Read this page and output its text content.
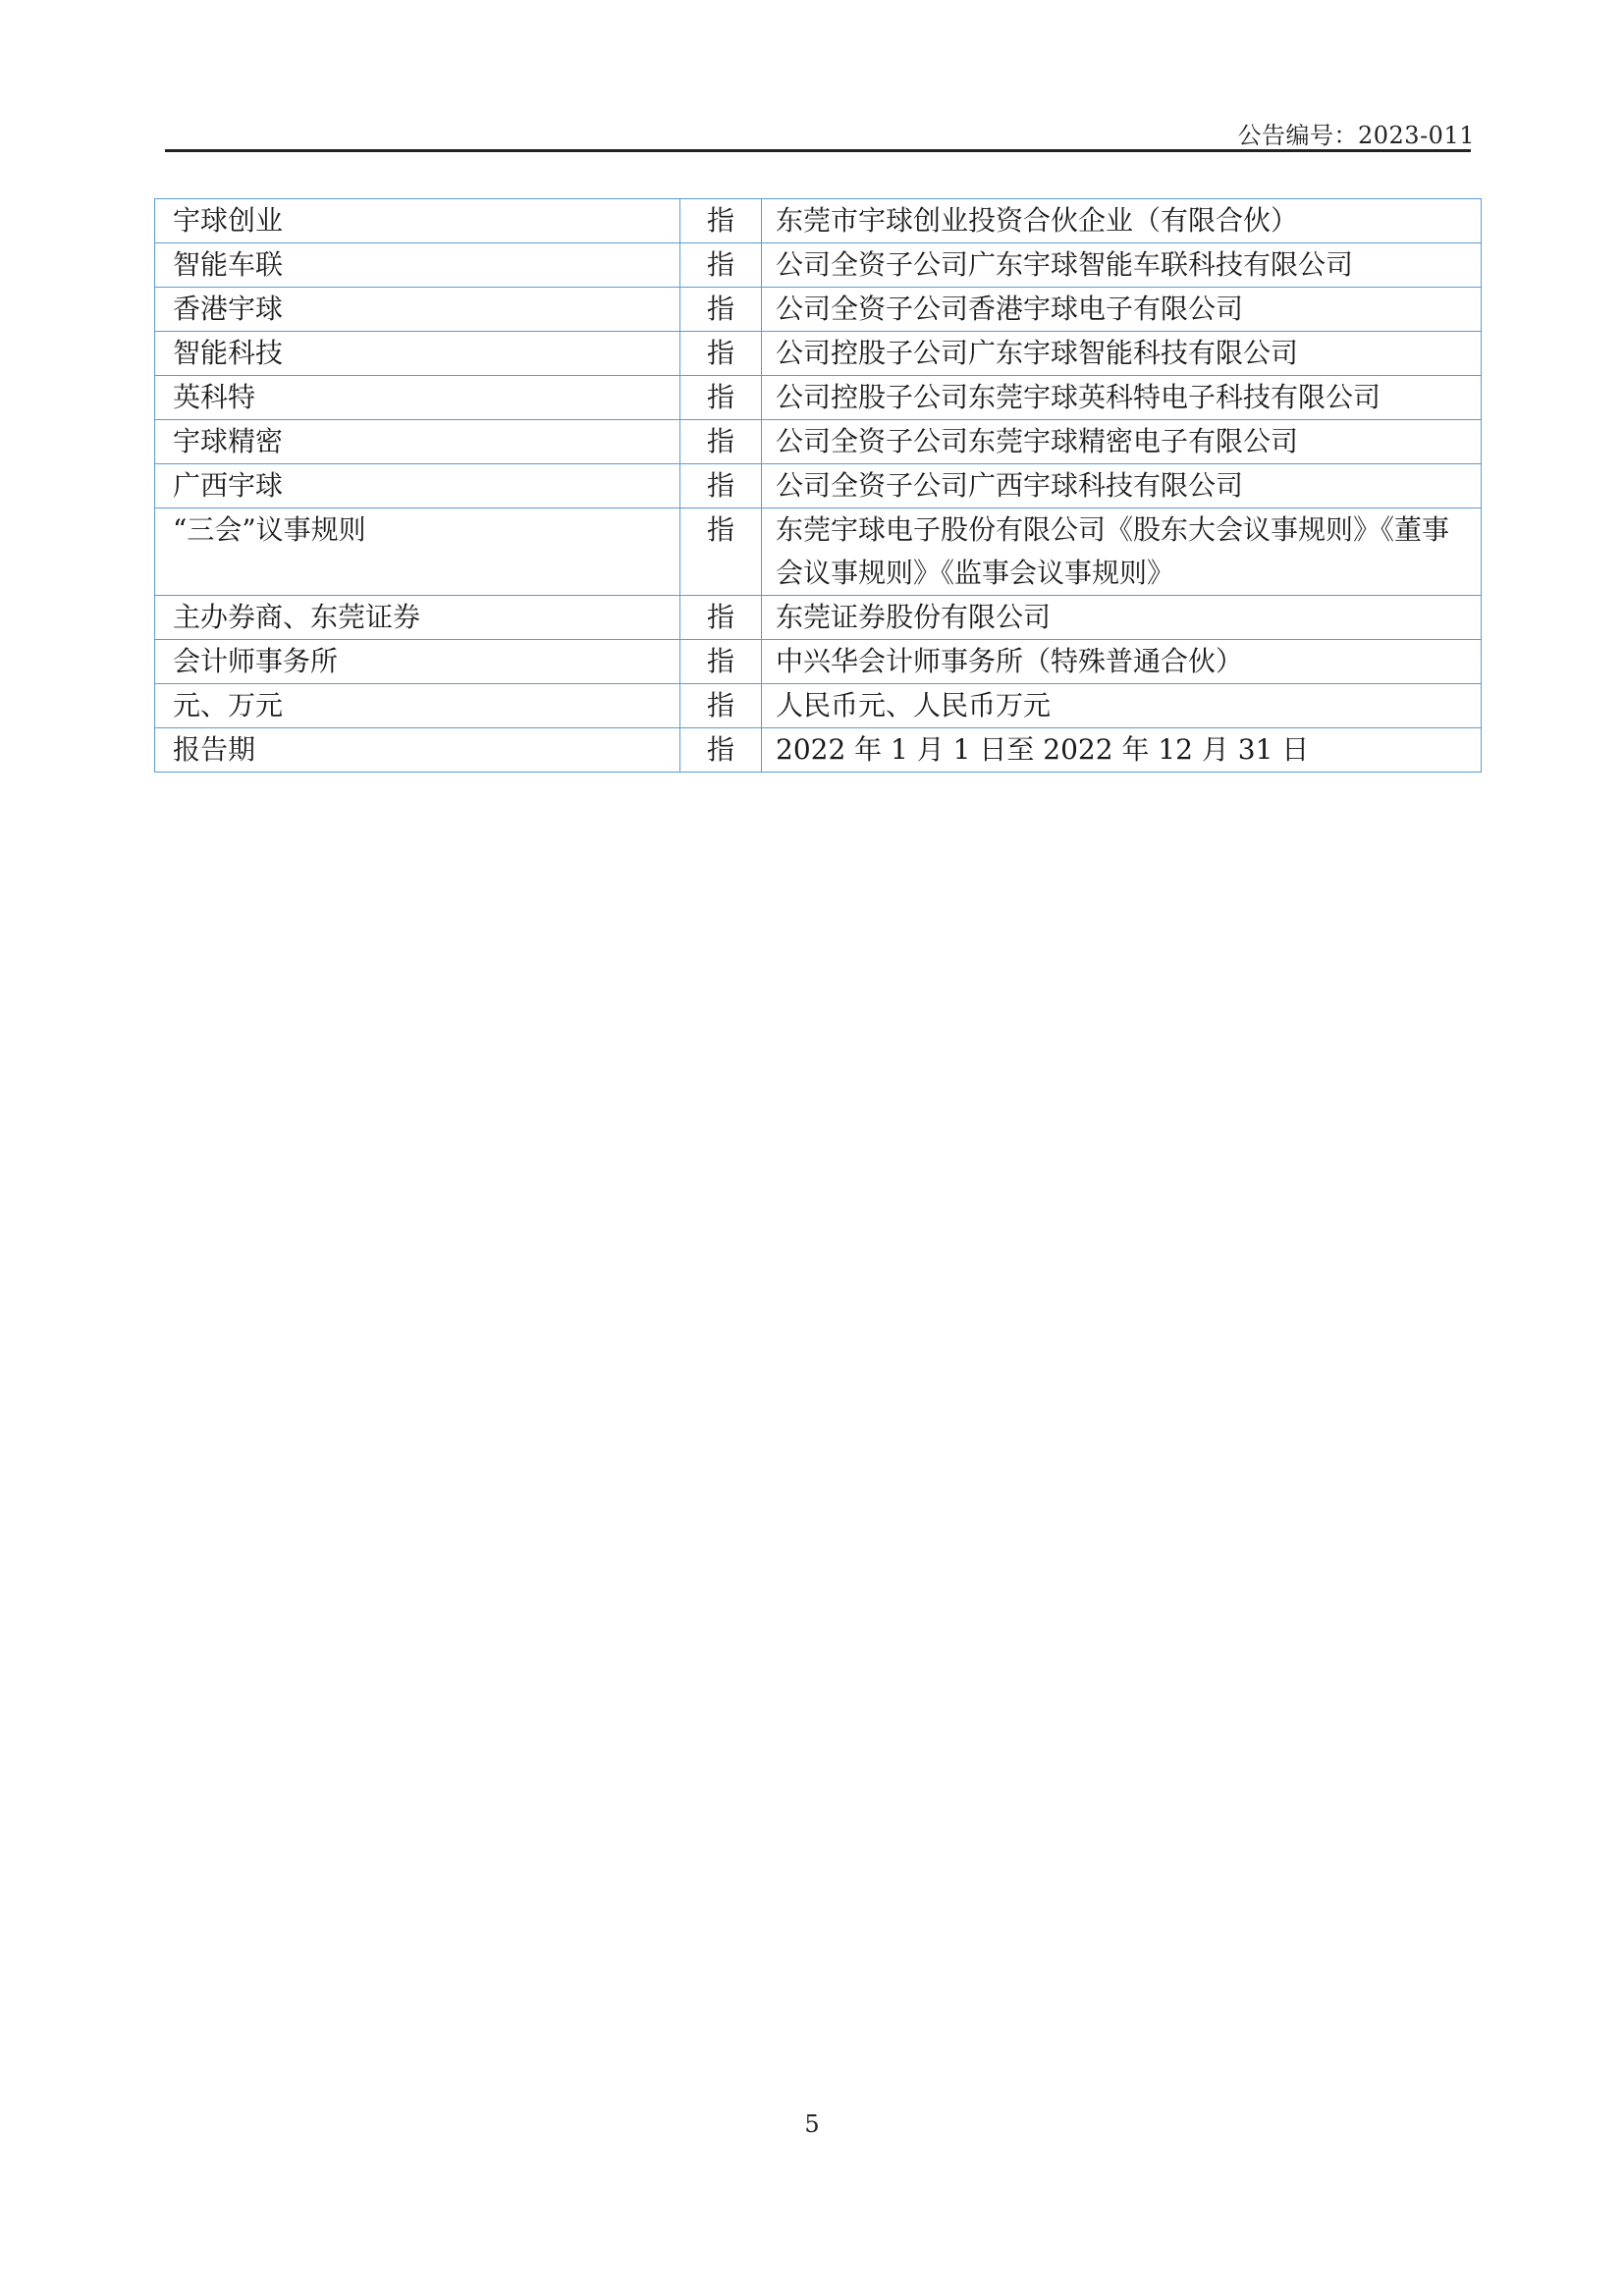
公告编号：2023-011
宇球创业	指	东莞市宇球创业投资合伙企业（有限合伙）
智能车联	指	公司全资子公司广东宇球智能车联科技有限公司
香港宇球	指	公司全资子公司香港宇球电子有限公司
智能科技	指	公司控股子公司广东宇球智能科技有限公司
英科特	指	公司控股子公司东莞宇球英科特电子科技有限公司
宇球精密	指	公司全资子公司东莞宇球精密电子有限公司
广西宇球	指	公司全资子公司广西宇球科技有限公司
“三会”议事规则	指	东莞宇球电子股份有限公司《股东大会议事规则》《董事会议事规则》《监事会议事规则》
主办券商、东莞证券	指	东莞证券股份有限公司
会计师事务所	指	中兴华会计师事务所（特殊普通合伙）
元、万元	指	人民币元、人民币万元
报告期	指	2022 年 1 月 1 日至 2022 年 12 月 31 日
5
